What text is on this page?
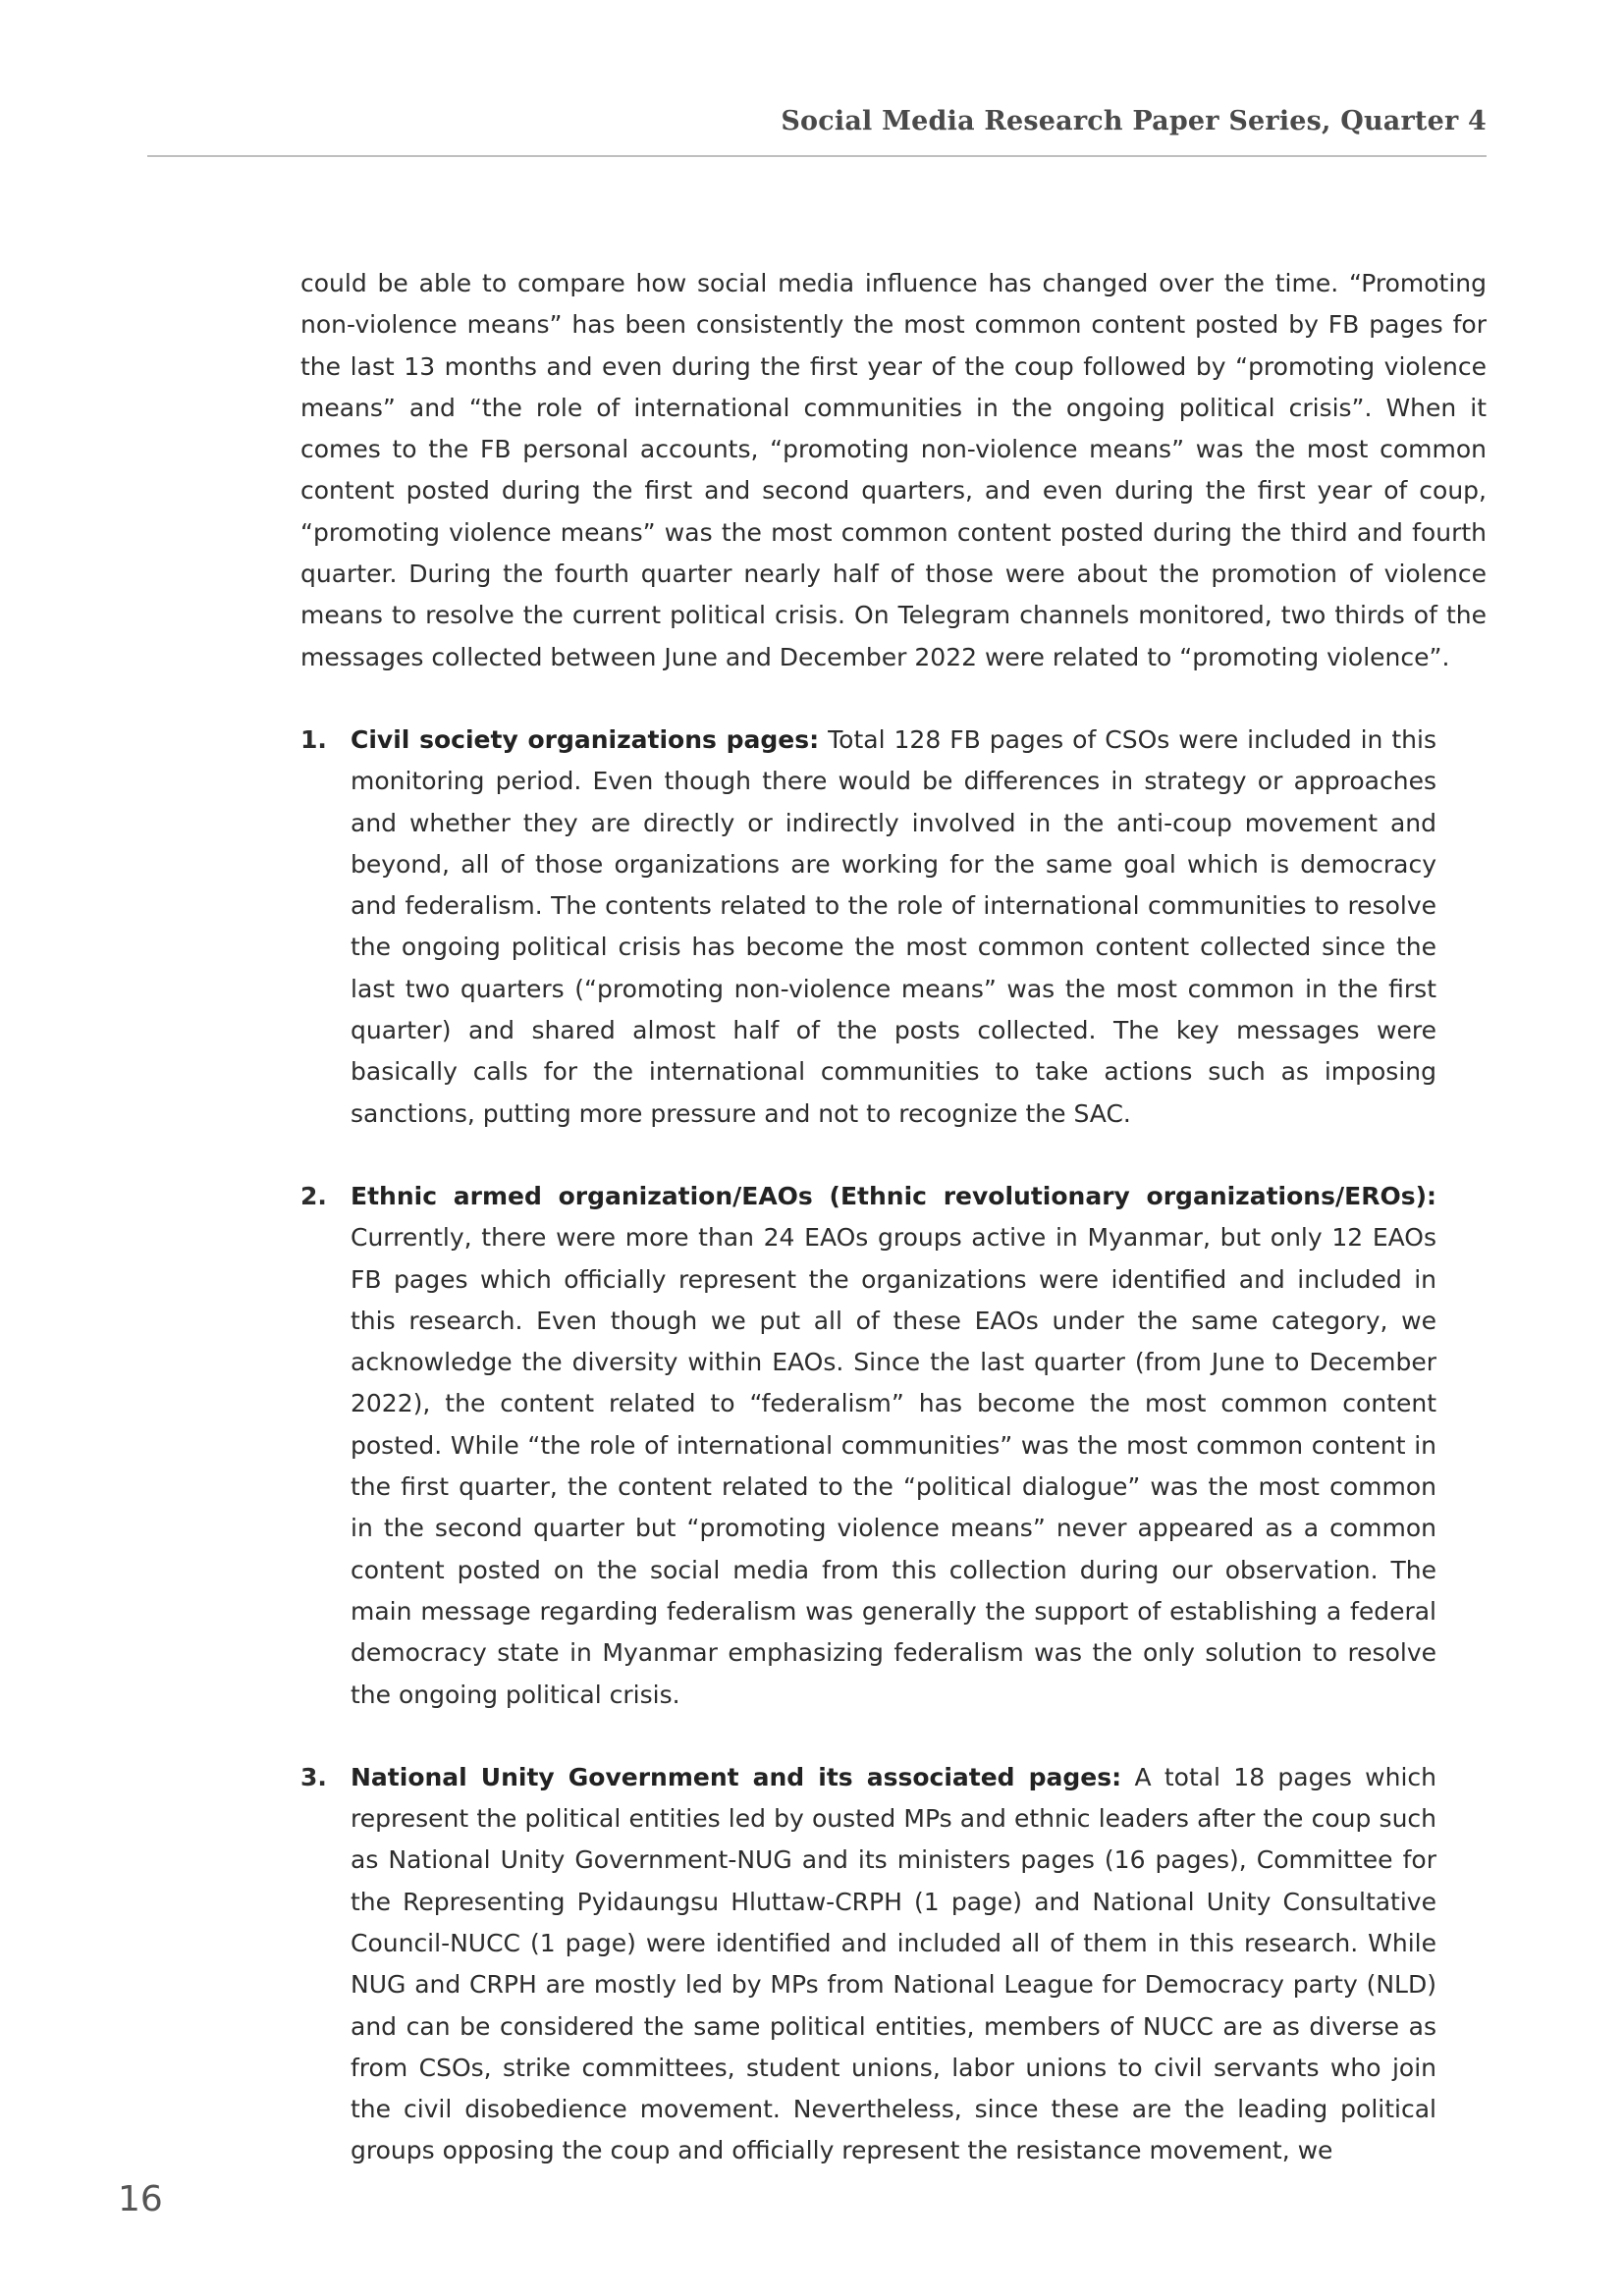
Social Media Research Paper Series, Quarter 4

could be able to compare how social media influence has changed over the time. “Promoting non-violence means” has been consistently the most common content posted by FB pages for the last 13 months and even during the first year of the coup followed by “promoting violence means” and “the role of international communities in the ongoing political crisis”. When it comes to the FB personal accounts, “promoting non-violence means” was the most common content posted during the first and second quarters, and even during the first year of coup, “promoting violence means” was the most common content posted during the third and fourth quarter. During the fourth quarter nearly half of those were about the promotion of violence means to resolve the current political crisis. On Telegram channels monitored, two thirds of the messages collected between June and December 2022 were related to “promoting violence”.

1. Civil society organizations pages: Total 128 FB pages of CSOs were included in this monitoring period. Even though there would be differences in strategy or approaches and whether they are directly or indirectly involved in the anti-coup movement and beyond, all of those organizations are working for the same goal which is democracy and federalism. The contents related to the role of international communities to resolve the ongoing political crisis has become the most common content collected since the last two quarters (“promoting non-violence means” was the most common in the first quarter) and shared almost half of the posts collected. The key messages were basically calls for the international communities to take actions such as imposing sanctions, putting more pressure and not to recognize the SAC.

2. Ethnic armed organization/EAOs (Ethnic revolutionary organizations/EROs): Currently, there were more than 24 EAOs groups active in Myanmar, but only 12 EAOs FB pages which officially represent the organizations were identified and included in this research. Even though we put all of these EAOs under the same category, we acknowledge the diversity within EAOs. Since the last quarter (from June to December 2022), the content related to “federalism” has become the most common content posted. While “the role of international communities” was the most common content in the first quarter, the content related to the “political dialogue” was the most common in the second quarter but “promoting violence means” never appeared as a common content posted on the social media from this collection during our observation. The main message regarding federalism was generally the support of establishing a federal democracy state in Myanmar emphasizing federalism was the only solution to resolve the ongoing political crisis.

3. National Unity Government and its associated pages: A total 18 pages which represent the political entities led by ousted MPs and ethnic leaders after the coup such as National Unity Government-NUG and its ministers pages (16 pages), Committee for the Representing Pyidaungsu Hluttaw-CRPH (1 page) and National Unity Consultative Council-NUCC (1 page) were identified and included all of them in this research. While NUG and CRPH are mostly led by MPs from National League for Democracy party (NLD) and can be considered the same political entities, members of NUCC are as diverse as from CSOs, strike committees, student unions, labor unions to civil servants who join the civil disobedience movement. Nevertheless, since these are the leading political groups opposing the coup and officially represent the resistance movement, we

16
